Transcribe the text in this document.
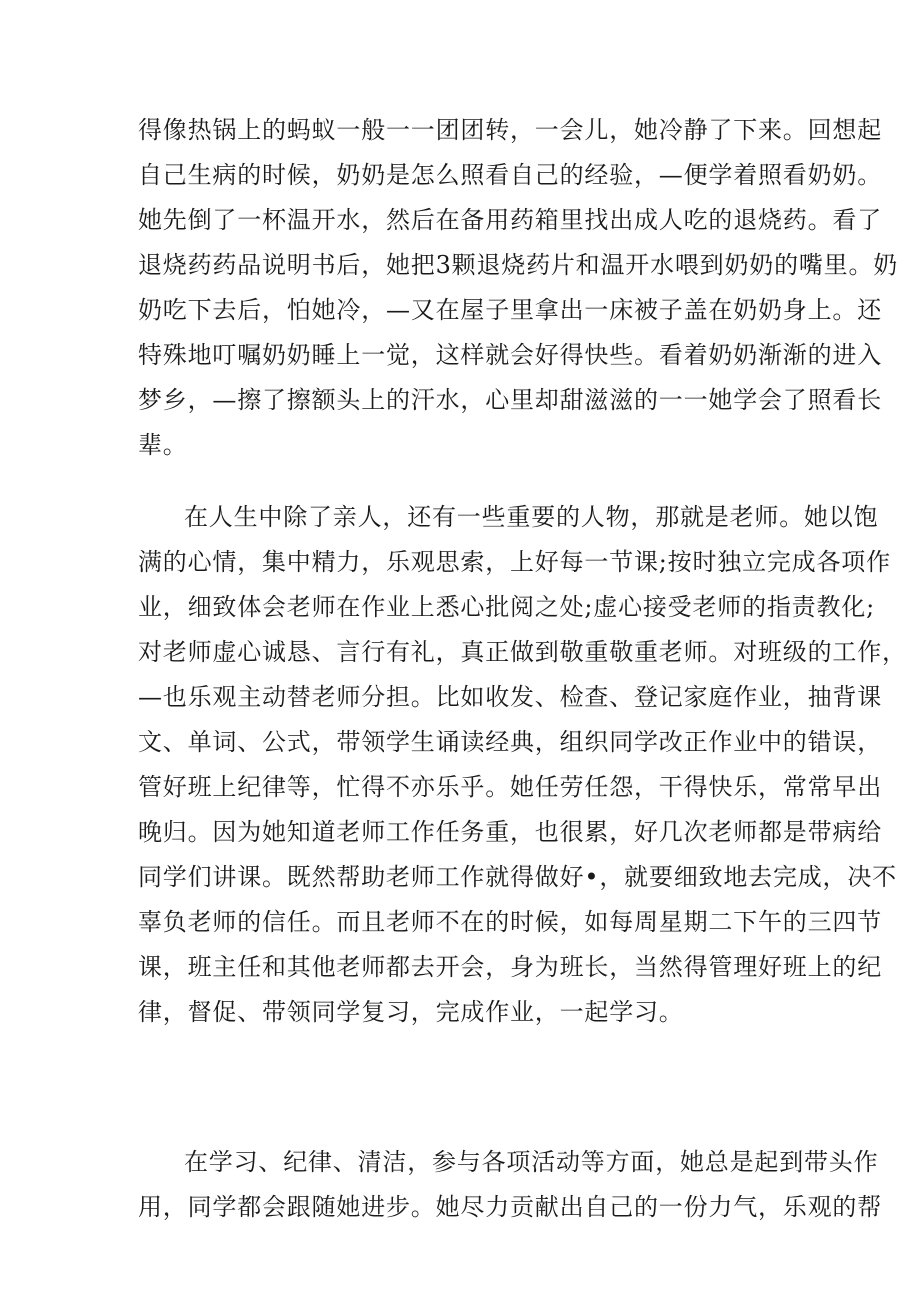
得像热锅上的蚂蚁一般一一团团转，一会儿，她冷静了下来。回想起
自己生病的时候，奶奶是怎么照看自己的经验，—便学着照看奶奶。
她先倒了一杯温开水，然后在备用药箱里找出成人吃的退烧药。看了
退烧药药品说明书后，她把3颗退烧药片和温开水喂到奶奶的嘴里。奶
奶吃下去后，怕她冷，—又在屋子里拿出一床被子盖在奶奶身上。还
特殊地叮嘱奶奶睡上一觉，这样就会好得快些。看着奶奶渐渐的进入
梦乡，—擦了擦额头上的汗水，心里却甜滋滋的一一她学会了照看长
辈。
在人生中除了亲人，还有一些重要的人物，那就是老师。她以饱
满的心情，集中精力，乐观思索，上好每一节课;按时独立完成各项作
业，细致体会老师在作业上悉心批阅之处;虚心接受老师的指责教化;
对老师虚心诚恳、言行有礼，真正做到敬重敬重老师。对班级的工作，
—也乐观主动替老师分担。比如收发、检查、登记家庭作业，抽背课
文、单词、公式，带领学生诵读经典，组织同学改正作业中的错误，
管好班上纪律等，忙得不亦乐乎。她任劳任怨，干得快乐，常常早出
晚归。因为她知道老师工作任务重，也很累，好几次老师都是带病给
同学们讲课。既然帮助老师工作就得做好•，就要细致地去完成，决不
辜负老师的信任。而且老师不在的时候，如每周星期二下午的三四节
课，班主任和其他老师都去开会，身为班长，当然得管理好班上的纪
律，督促、带领同学复习，完成作业，一起学习。
在学习、纪律、清洁，参与各项活动等方面，她总是起到带头作
用，同学都会跟随她进步。她尽力贡献出自己的一份力气，乐观的帮
